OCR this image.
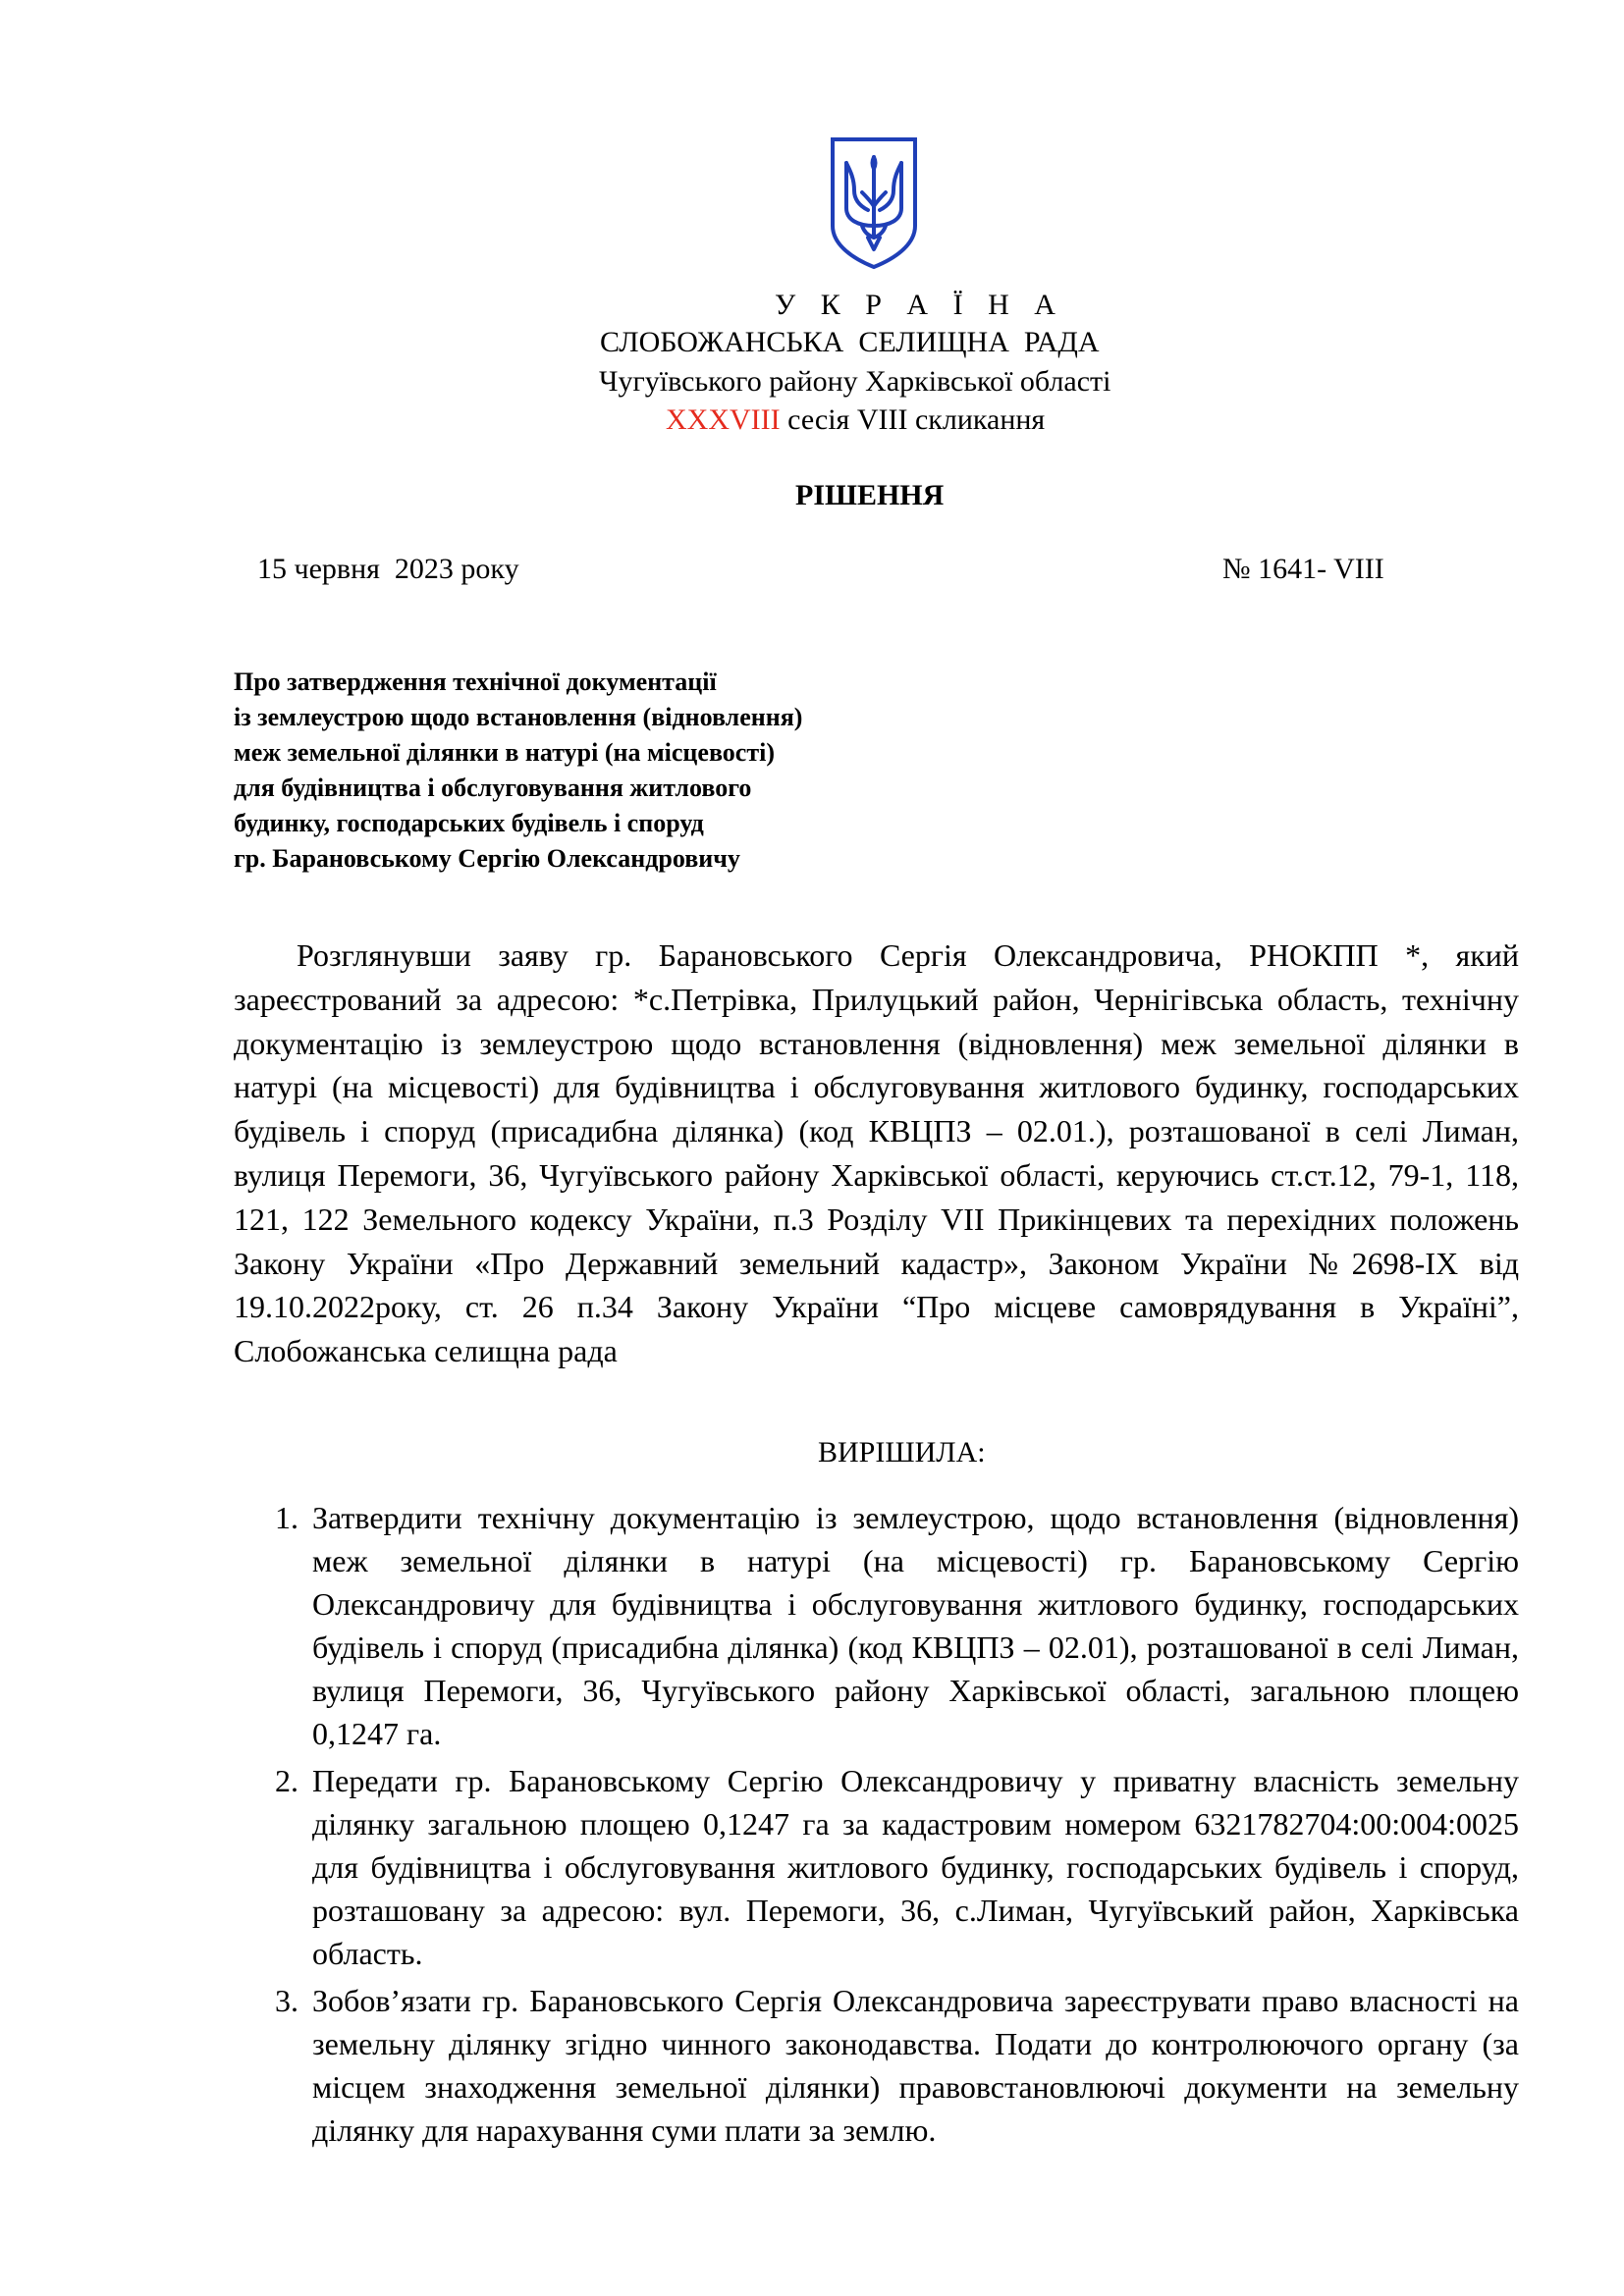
У К Р А Ї Н А
СЛОБОЖАНСЬКА  СЕЛИЩНА  РАДА
Чугуївського району Харківської області
XXXVIII сесія VIII скликання
РІШЕННЯ
15 червня  2023 року	№ 1641- VIII
Про затвердження технічної документації
із землеустрою щодо встановлення (відновлення)
меж земельної ділянки в натурі (на місцевості)
для будівництва і обслуговування житлового
будинку, господарських будівель і споруд
гр. Барановському Сергію Олександровичу

Розглянувши заяву гр. Барановського Сергія Олександровича, РНОКПП *, який зареєстрований за адресою: *с.Петрівка, Прилуцький район, Чернігівська область, технічну документацію із землеустрою щодо встановлення (відновлення) меж земельної ділянки в натурі (на місцевості) для будівництва і обслуговування житлового будинку, господарських будівель і споруд (присадибна ділянка) (код КВЦПЗ – 02.01.), розташованої в селі Лиман, вулиця Перемоги, 36, Чугуївського району Харківської області, керуючись ст.ст.12, 79-1, 118, 121, 122 Земельного кодексу України, п.3 Розділу VII Прикінцевих та перехідних положень Закону України «Про Державний земельний кадастр», Законом України №2698-IX від 19.10.2022року, ст. 26 п.34 Закону України “Про місцеве самоврядування в Україні”, Слобожанська селищна рада

ВИРІШИЛА:
1. Затвердити технічну документацію із землеустрою, щодо встановлення (відновлення) меж земельної ділянки в натурі (на місцевості) гр. Барановському Сергію Олександровичу для будівництва і обслуговування житлового будинку, господарських будівель і споруд (присадибна ділянка) (код КВЦПЗ – 02.01), розташованої в селі Лиман, вулиця Перемоги, 36, Чугуївського району Харківської області, загальною площею 0,1247 га.
2. Передати гр. Барановському Сергію Олександровичу у приватну власність земельну ділянку загальною площею 0,1247 га за кадастровим номером 6321782704:00:004:0025 для будівництва і обслуговування житлового будинку, господарських будівель і споруд, розташовану за адресою: вул. Перемоги, 36, с.Лиман, Чугуївський район, Харківська область.
3. Зобов’язати гр. Барановського Сергія Олександровича зареєструвати право власності на земельну ділянку згідно чинного законодавства. Подати до контролюючого органу (за місцем знаходження земельної ділянки) правовстановлюючі документи на земельну ділянку для нарахування суми плати за землю.
